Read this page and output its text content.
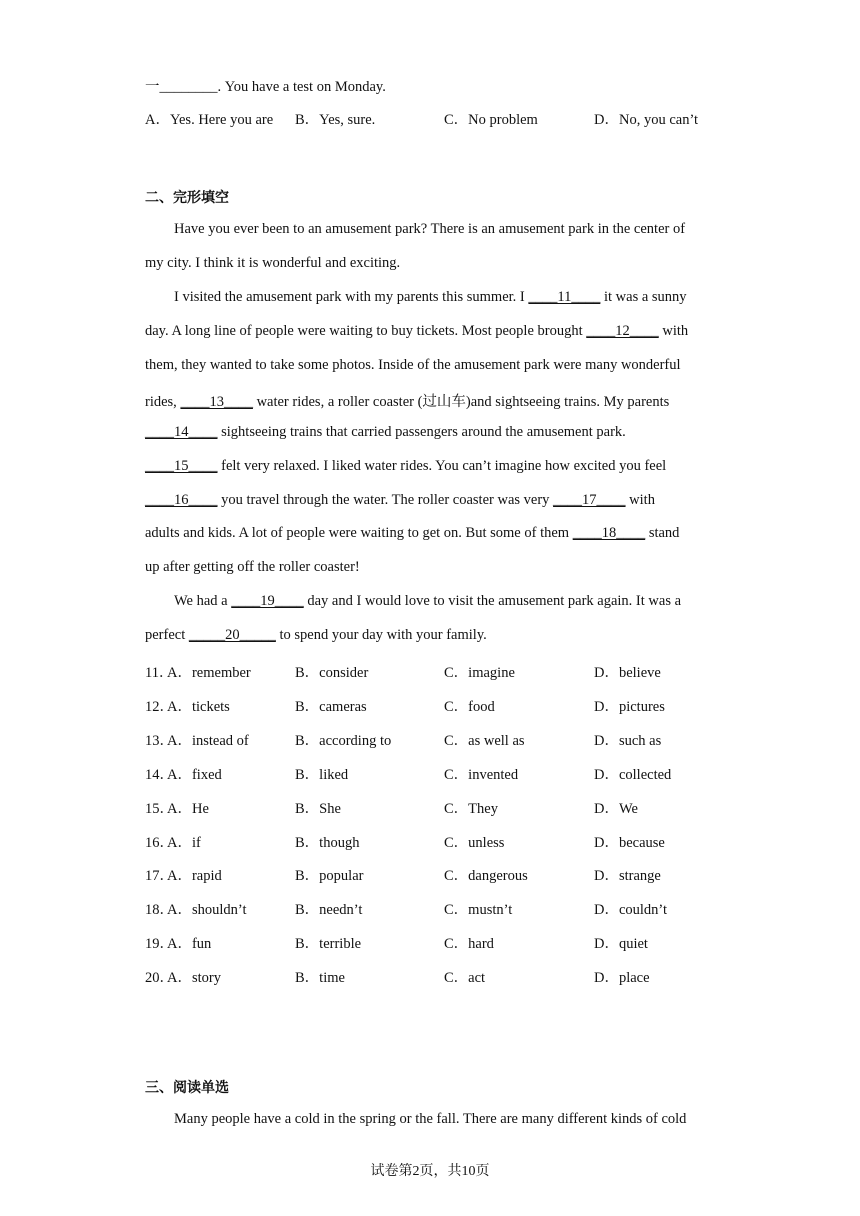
一________. You have a test on Monday.
A．Yes. Here you are B．Yes, sure.	C．No problem	D．No, you can’t
二、完形填空
Have you ever been to an amusement park? There is an amusement park in the center of
my city. I think it is wonderful and exciting.
I visited the amusement park with my parents this summer. I ____11____ it was a sunny
day. A long line of people were waiting to buy tickets. Most people brought ____12____ with
them, they wanted to take some photos. Inside of the amusement park were many wonderful
rides, ____13____ water rides, a roller coaster (过山车)and sightseeing trains. My parents
____14____ sightseeing trains that carried passengers around the amusement park.
____15____ felt very relaxed. I liked water rides. You can’t imagine how excited you feel
____16____ you travel through the water. The roller coaster was very ____17____ with
adults and kids. A lot of people were waiting to get on. But some of them ____18____ stand
up after getting off the roller coaster!
We had a ____19____ day and I would love to visit the amusement park again. It was a
perfect _____20_____ to spend your day with your family.
11．
A．remember	B．consider	C．imagine	D．believe
12．
A．tickets	B．cameras	C．food	D．pictures
13．
A．instead of	B．according to	C．as well as	D．such as
14．
A．fixed	B．liked	C．invented	D．collected
15．
A．He	B．She	C．They	D．We
16．
A．if	B．though	C．unless	D．because
17．
A．rapid	B．popular	C．dangerous	D．strange
18．
A．shouldn’t	B．needn’t	C．mustn’t	D．couldn’t
19．
A．fun	B．terrible	C．hard	D．quiet
20．
A．story	B．time	C．act	D．place
三、阅读单选
Many people have a cold in the spring or the fall. There are many different kinds of cold
试卷第2页，共10页
